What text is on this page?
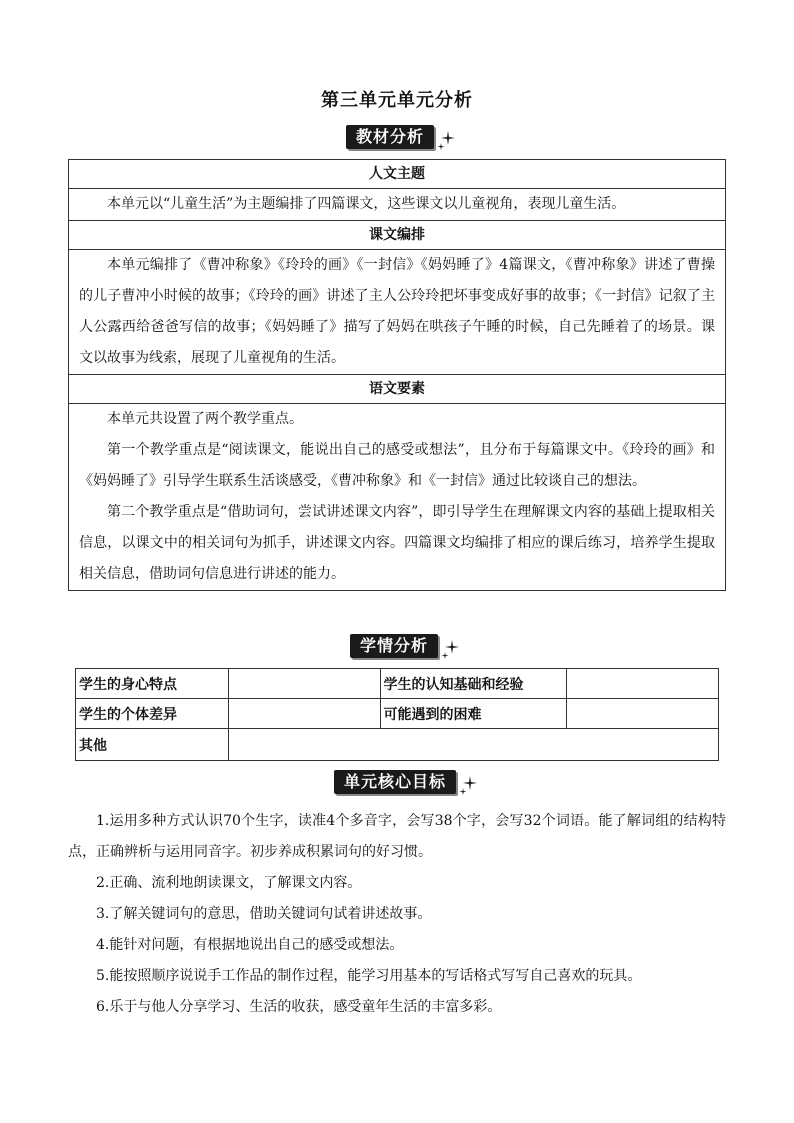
第三单元单元分析
教材分析
人文主题

本单元以“儿童生活”为主题编排了四篇课文，这些课文以儿童视角，表现儿童生活。

课文编排

本单元编排了《曹冲称象》《玲玲的画》《一封信》《妈妈睡了》4篇课文，《曹冲称象》讲述了曹操的儿子曹冲小时候的故事；《玲玲的画》讲述了主人公玲玲把坏事变成好事的故事；《一封信》记叙了主人公露西给爸爸写信的故事；《妈妈睡了》描写了妈妈在哄孩子午睡的时候，自己先睡着了的场景。课文以故事为线索，展现了儿童视角的生活。

语文要素

本单元共设置了两个教学重点。

第一个教学重点是“阅读课文，能说出自己的感受或想法”，且分布于每篇课文中。《玲玲的画》和《妈妈睡了》引导学生联系生活谈感受，《曹冲称象》和《一封信》通过比较谈自己的想法。

第二个教学重点是“借助词句，尝试讲述课文内容”，即引导学生在理解课文内容的基础上提取相关信息，以课文中的相关词句为抓手，讲述课文内容。四篇课文均编排了相应的课后练习，培养学生提取相关信息，借助词句信息进行讲述的能力。

学情分析
学生的身心特点		学生的认知基础和经验	
学生的个体差异		可能遇到的困难	
其他			
单元核心目标

1.运用多种方式认识70个生字，读准4个多音字，会写38个字，会写32个词语。能了解词组的结构特点，正确辨析与运用同音字。初步养成积累词句的好习惯。

2.正确、流利地朗读课文，了解课文内容。

3.了解关键词句的意思，借助关键词句试着讲述故事。

4.能针对问题，有根据地说出自己的感受或想法。

5.能按照顺序说说手工作品的制作过程，能学习用基本的写话格式写写自己喜欢的玩具。

6.乐于与他人分享学习、生活的收获，感受童年生活的丰富多彩。
